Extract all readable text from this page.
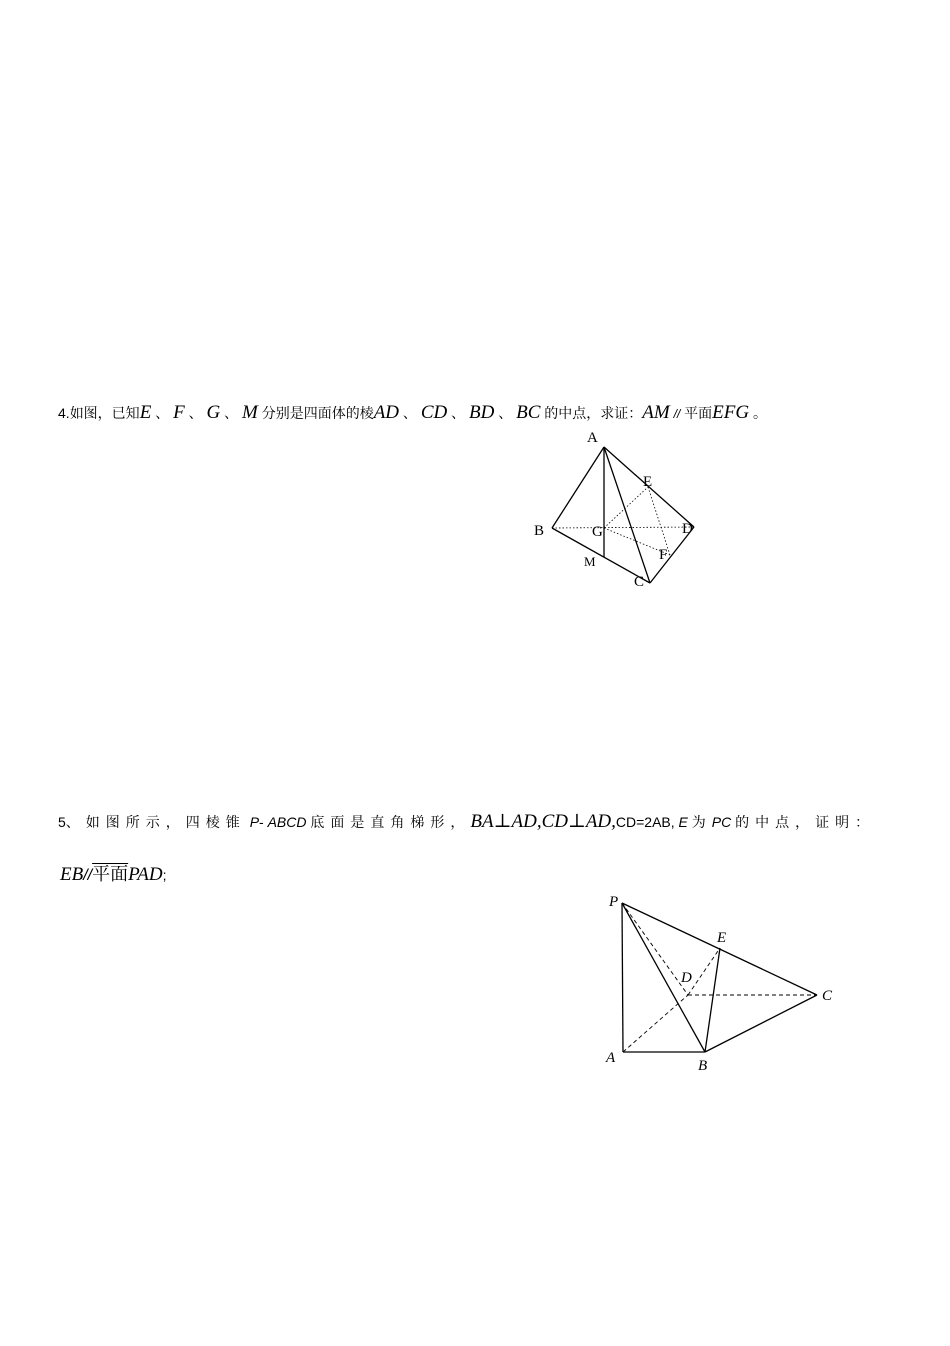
4.如图，已知E 、 F 、 G 、 M 分别是四面体的棱AD 、 CD 、 BD 、 BC 的中点，求证：AM // 平面EFG 。
A
B
C
D
E
F
G
M
5、如图所示，四棱锥 P- ABCD 底面是直角梯形，BA⊥AD,CD⊥AD,CD=2AB, E 为PC 的中点，证明：
EB//平面PAD;
P
A	B
C
D
E
